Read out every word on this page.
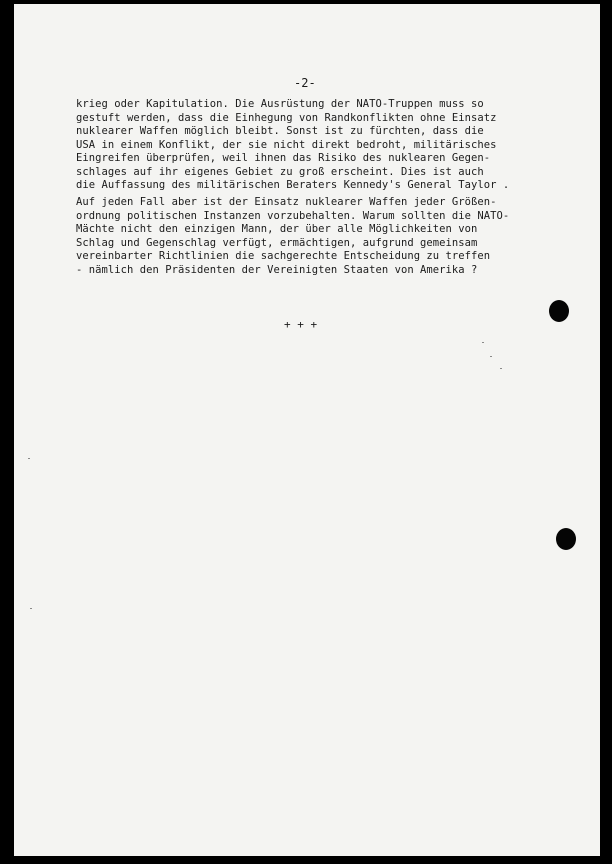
-2-

krieg oder Kapitulation. Die Ausrüstung der NATO-Truppen muss so
gestuft werden, dass die Einhegung von Randkonflikten ohne Einsatz
nuklearer Waffen möglich bleibt. Sonst ist zu fürchten, dass die
USA in einem Konflikt, der sie nicht direkt bedroht, militärisches
Eingreifen überprüfen, weil ihnen das Risiko des nuklearen Gegen-
schlages auf ihr eigenes Gebiet zu groß erscheint. Dies ist auch
die Auffassung des militärischen Beraters Kennedy's General Taylor .
Auf jeden Fall aber ist der Einsatz nuklearer Waffen jeder Größen-
ordnung politischen Instanzen vorzubehalten. Warum sollten die NATO-
Mächte nicht den einzigen Mann, der über alle Möglichkeiten von
Schlag und Gegenschlag verfügt, ermächtigen, aufgrund gemeinsam
vereinbarter Richtlinien die sachgerechte Entscheidung zu treffen
- nämlich den Präsidenten der Vereinigten Staaten von Amerika ?

+ + +
